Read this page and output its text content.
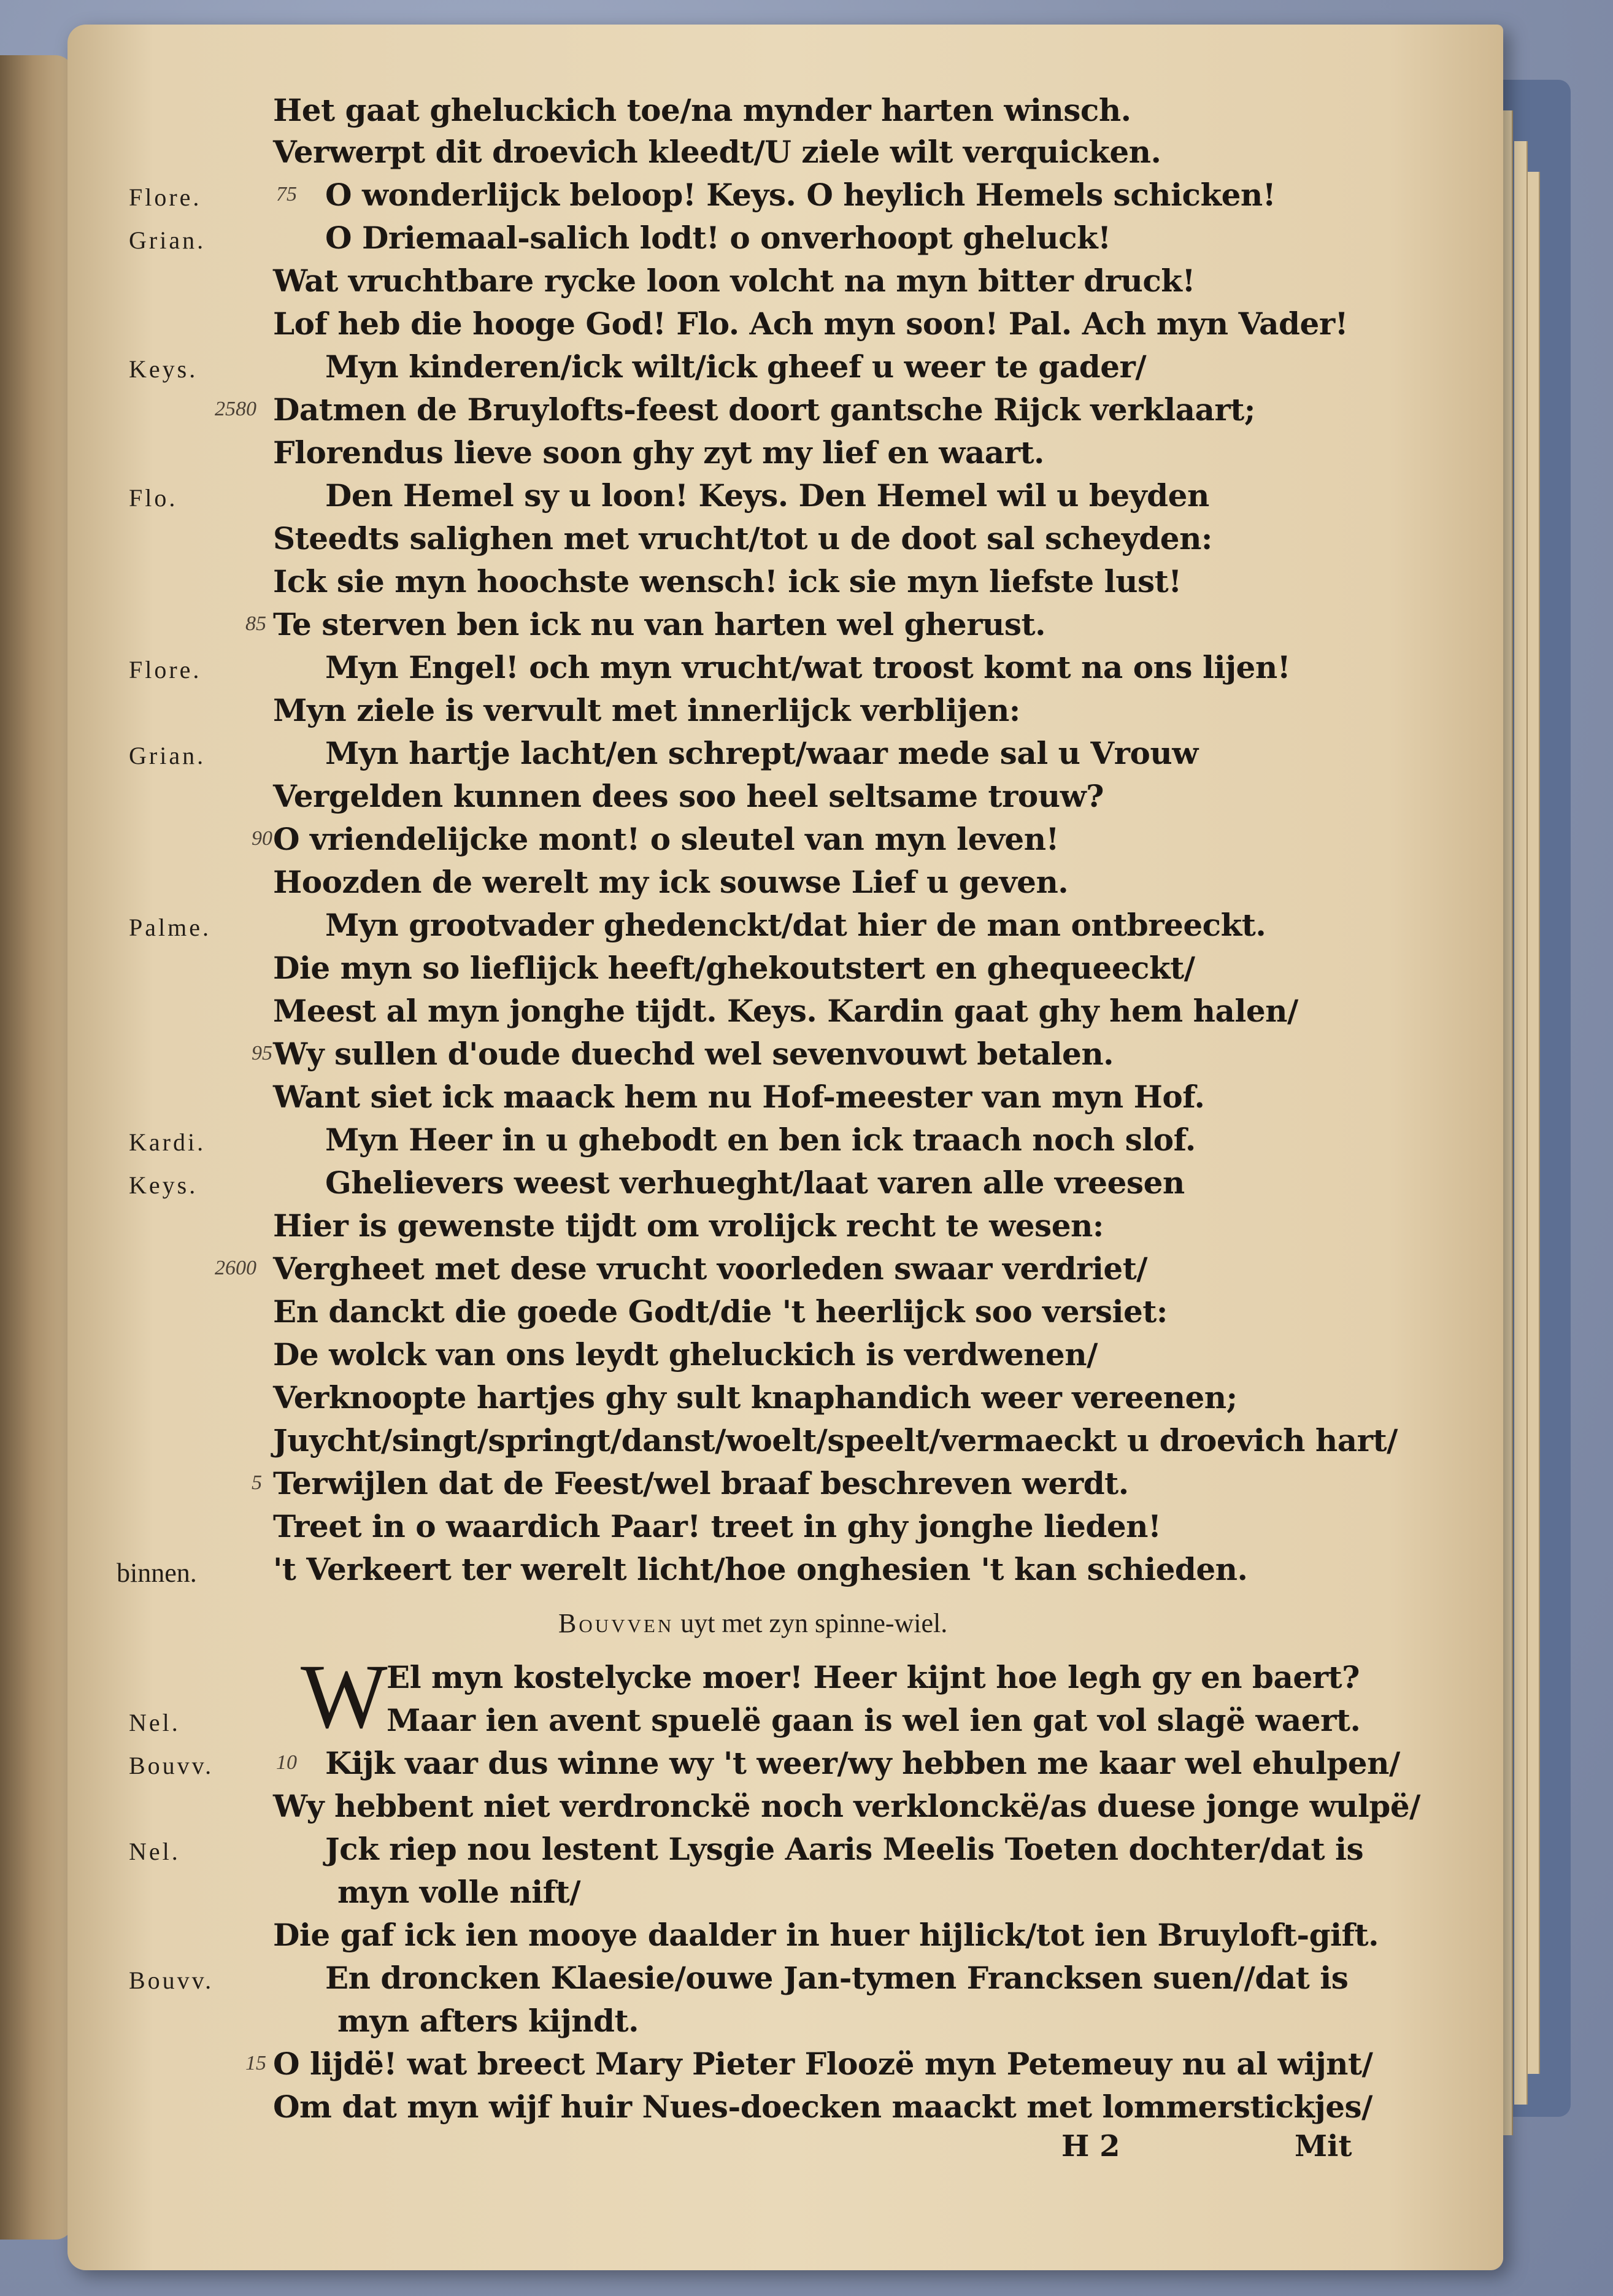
Het gaat gheluckich toe/na mynder harten winsch.
Verwerpt dit droevich kleedt/U ziele wilt verquicken.
O wonderlijck beloop! Keys. O heylich Hemels schicken!
O Driemaal-salich lodt! o onverhoopt gheluck!
Wat vruchtbare rycke loon volcht na myn bitter druck!
Lof heb die hooge God! Flo. Ach myn soon! Pal. Ach myn Vader!
Myn kinderen/ick wilt/ick gheef u weer te gader/
Datmen de Bruylofts-feest doort gantsche Rijck verklaart;
Florendus lieve soon ghy zyt my lief en waart.
Den Hemel sy u loon! Keys. Den Hemel wil u beyden
Steedts salighen met vrucht/tot u de doot sal scheyden:
Ick sie myn hoochste wensch! ick sie myn liefste lust!
Te sterven ben ick nu van harten wel gherust.
Myn Engel! och myn vrucht/wat troost komt na ons lijen!
Myn ziele is vervult met innerlijck verblijen:
Myn hartje lacht/en schrept/waar mede sal u Vrouw
Vergelden kunnen dees soo heel seltsame trouw?
O vriendelijcke mont! o sleutel van myn leven!
Hoozden de werelt my ick souwse Lief u geven.
Myn grootvader ghedenckt/dat hier de man ontbreeckt.
Die myn so lieflijck heeft/ghekoutstert en ghequeeckt/
Meest al myn jonghe tijdt. Keys. Kardin gaat ghy hem halen/
Wy sullen d'oude duechd wel sevenvouwt betalen.
Want siet ick maack hem nu Hof-meester van myn Hof.
Myn Heer in u ghebodt en ben ick traach noch slof.
Ghelievers weest verhueght/laat varen alle vreesen
Hier is gewenste tijdt om vrolijck recht te wesen:
Vergheet met dese vrucht voorleden swaar verdriet/
En danckt die goede Godt/die 't heerlijck soo versiet:
De wolck van ons leydt gheluckich is verdwenen/
Verknoopte hartjes ghy sult knaphandich weer vereenen;
Juycht/singt/springt/danst/woelt/speelt/vermaeckt u droevich hart/
Terwijlen dat de Feest/wel braaf beschreven werdt.
Treet in o waardich Paar! treet in ghy jonghe lieden!
't Verkeert ter werelt licht/hoe onghesien 't kan schieden.
Flore.
Grian.
Keys.
Flo.
Flore.
Grian.
Palme.
Kardi.
Keys.
binnen.
75
2580
85
90
95
2600
5
Bouvven uyt met zyn spinne-wiel.
W
El myn kostelycke moer! Heer kijnt hoe legh gy en baert?
Maar ien avent spuelë gaan is wel ien gat vol slagë waert.
Kijk vaar dus winne wy 't weer/wy hebben me kaar wel ehulpen/
Wy hebbent niet verdronckë noch verklonckë/as duese jonge wulpë/
Jck riep nou lestent Lysgie Aaris Meelis Toeten dochter/dat is
myn volle nift/
Die gaf ick ien mooye daalder in huer hijlick/tot ien Bruyloft-gift.
En droncken Klaesie/ouwe Jan-tymen Francksen suen//dat is
myn afters kijndt.
O lijdë! wat breect Mary Pieter Floozë myn Petemeuy nu al wijnt/
Om dat myn wijf huir Nues-doecken maackt met lommerstickjes/
Nel.
Bouvv.
Nel.
Bouvv.
10
15
H 2	Mit
